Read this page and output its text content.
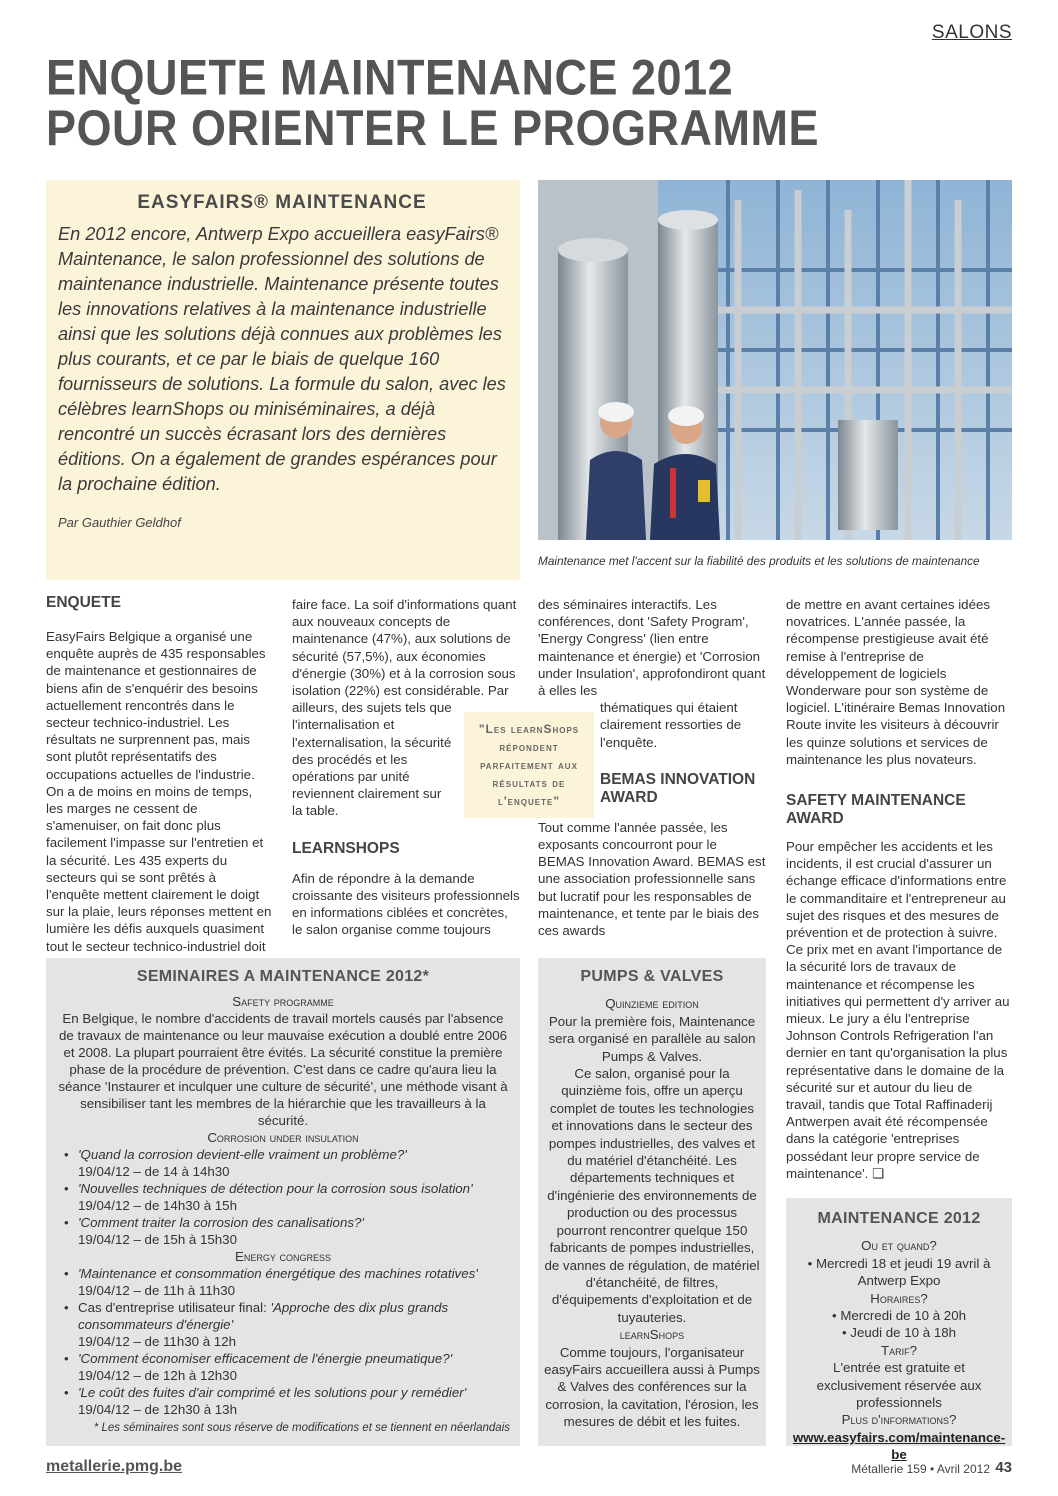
SALONS
ENQUETE MAINTENANCE 2012
POUR ORIENTER LE PROGRAMME
EASYFAIRS® MAINTENANCE

En 2012 encore, Antwerp Expo accueillera easyFairs® Maintenance, le salon professionnel des solutions de maintenance industrielle. Maintenance présente toutes les innovations relatives à la maintenance industrielle ainsi que les solutions déjà connues aux problèmes les plus courants, et ce par le biais de quelque 160 fournisseurs de solutions. La formule du salon, avec les célèbres learnShops ou miniséminaires, a déjà rencontré un succès écrasant lors des dernières éditions. On a également de grandes espérances pour la prochaine édition.

Par Gauthier Geldhof

Maintenance met l'accent sur la fiabilité des produits et les solutions de maintenance
ENQUETE

EasyFairs Belgique a organisé une enquête auprès de 435 responsables de maintenance et gestionnaires de biens afin de s'enquérir des besoins actuellement rencontrés dans le secteur technico-industriel. Les résultats ne surprennent pas, mais sont plutôt représentatifs des occupations actuelles de l'industrie. On a de moins en moins de temps, les marges ne cessent de s'amenuiser, on fait donc plus facilement l'impasse sur l'entretien et la sécurité. Les 435 experts du secteurs qui se sont prêtés à l'enquête mettent clairement le doigt sur la plaie, leurs réponses mettent en lumière les défis auxquels quasiment tout le secteur technico-industriel doit

faire face. La soif d'informations quant aux nouveaux concepts de maintenance (47%), aux solutions de sécurité (57,5%), aux économies d'énergie (30%) et à la corrosion sous isolation (22%) est considérable. Par ailleurs, des sujets tels que

l'internalisation et l'externalisation, la sécurité des procédés et les opérations par unité reviennent clairement sur la table.

LEARNSHOPS

Afin de répondre à la demande croissante des visiteurs professionnels en informations ciblées et concrètes, le salon organise comme toujours

"Les learnShops répondent parfaitement aux résultats de l'enquete"

des séminaires interactifs. Les conférences, dont 'Safety Program', 'Energy Congress' (lien entre maintenance et énergie) et 'Corrosion under Insulation', approfondiront quant à elles les

thématiques qui étaient clairement ressorties de l'enquête.

BEMAS INNOVATION AWARD

Tout comme l'année passée, les exposants concourront pour le BEMAS Innovation Award. BEMAS est une association professionnelle sans but lucratif pour les responsables de maintenance, et tente par le biais des ces awards

de mettre en avant certaines idées novatrices. L'année passée, la récompense prestigieuse avait été remise à l'entreprise de développement de logiciels Wonderware pour son système de logiciel. L'itinéraire Bemas Innovation Route invite les visiteurs à découvrir les quinze solutions et services de maintenance les plus novateurs.

SAFETY MAINTENANCE AWARD

Pour empêcher les accidents et les incidents, il est crucial d'assurer un échange efficace d'informations entre le commanditaire et l'entrepreneur au sujet des risques et des mesures de prévention et de protection à suivre. Ce prix met en avant l'importance de la sécurité lors de travaux de maintenance et récompense les initiatives qui permettent d'y arriver au mieux. Le jury a élu l'entreprise Johnson Controls Refrigeration l'an dernier en tant qu'organisation la plus représentative dans le domaine de la sécurité sur et autour du lieu de travail, tandis que Total Raffinaderij Antwerpen avait été récompensée dans la catégorie 'entreprises possédant leur propre service de maintenance'. ❏

SEMINAIRES A MAINTENANCE 2012*
Safety programme

En Belgique, le nombre d'accidents de travail mortels causés par l'absence de travaux de maintenance ou leur mauvaise exécution a doublé entre 2006 et 2008. La plupart pourraient être évités. La sécurité constitue la première phase de la procédure de prévention. C'est dans ce cadre qu'aura lieu la séance 'Instaurer et inculquer une culture de sécurité', une méthode visant à sensibiliser tant les membres de la hiérarchie que les travailleurs à la sécurité.

Corrosion under insulation
• 'Quand la corrosion devient-elle vraiment un problème?'
19/04/12 – de 14 à 14h30
• 'Nouvelles techniques de détection pour la corrosion sous isolation'
19/04/12 – de 14h30 à 15h
• 'Comment traiter la corrosion des canalisations?'
19/04/12 – de 15h à 15h30
Energy congress
• 'Maintenance et consommation énergétique des machines rotatives'
19/04/12 – de 11h à 11h30
• Cas d'entreprise utilisateur final: 'Approche des dix plus grands consommateurs d'énergie'
19/04/12 – de 11h30 à 12h
• 'Comment économiser efficacement de l'énergie pneumatique?'
19/04/12 – de 12h à 12h30
• 'Le coût des fuites d'air comprimé et les solutions pour y remédier'
19/04/12 – de 12h30 à 13h
* Les séminaires sont sous réserve de modifications et se tiennent en néerlandais
PUMPS & VALVES
Quinzieme edition

Pour la première fois, Maintenance sera organisé en parallèle au salon Pumps & Valves.

Ce salon, organisé pour la quinzième fois, offre un aperçu complet de toutes les technologies et innovations dans le secteur des pompes industrielles, des valves et du matériel d'étanchéité. Les départements techniques et d'ingénierie des environnements de production ou des processus pourront rencontrer quelque 150 fabricants de pompes industrielles, de vannes de régulation, de matériel d'étanchéité, de filtres, d'équipements d'exploitation et de tuyauteries.

learnShops

Comme toujours, l'organisateur easyFairs accueillera aussi à Pumps & Valves des conférences sur la corrosion, la cavitation, l'érosion, les mesures de débit et les fuites.

MAINTENANCE 2012
Ou et quand?
• Mercredi 18 et jeudi 19 avril à
Antwerp Expo
Horaires?
• Mercredi de 10 à 20h
• Jeudi de 10 à 18h
Tarif?
L'entrée est gratuite et exclusivement réservée aux professionnels
Plus d'informations?
www.easyfairs.com/maintenance-be
metallerie.pmg.be	Métallerie 159 • Avril 2012 43
